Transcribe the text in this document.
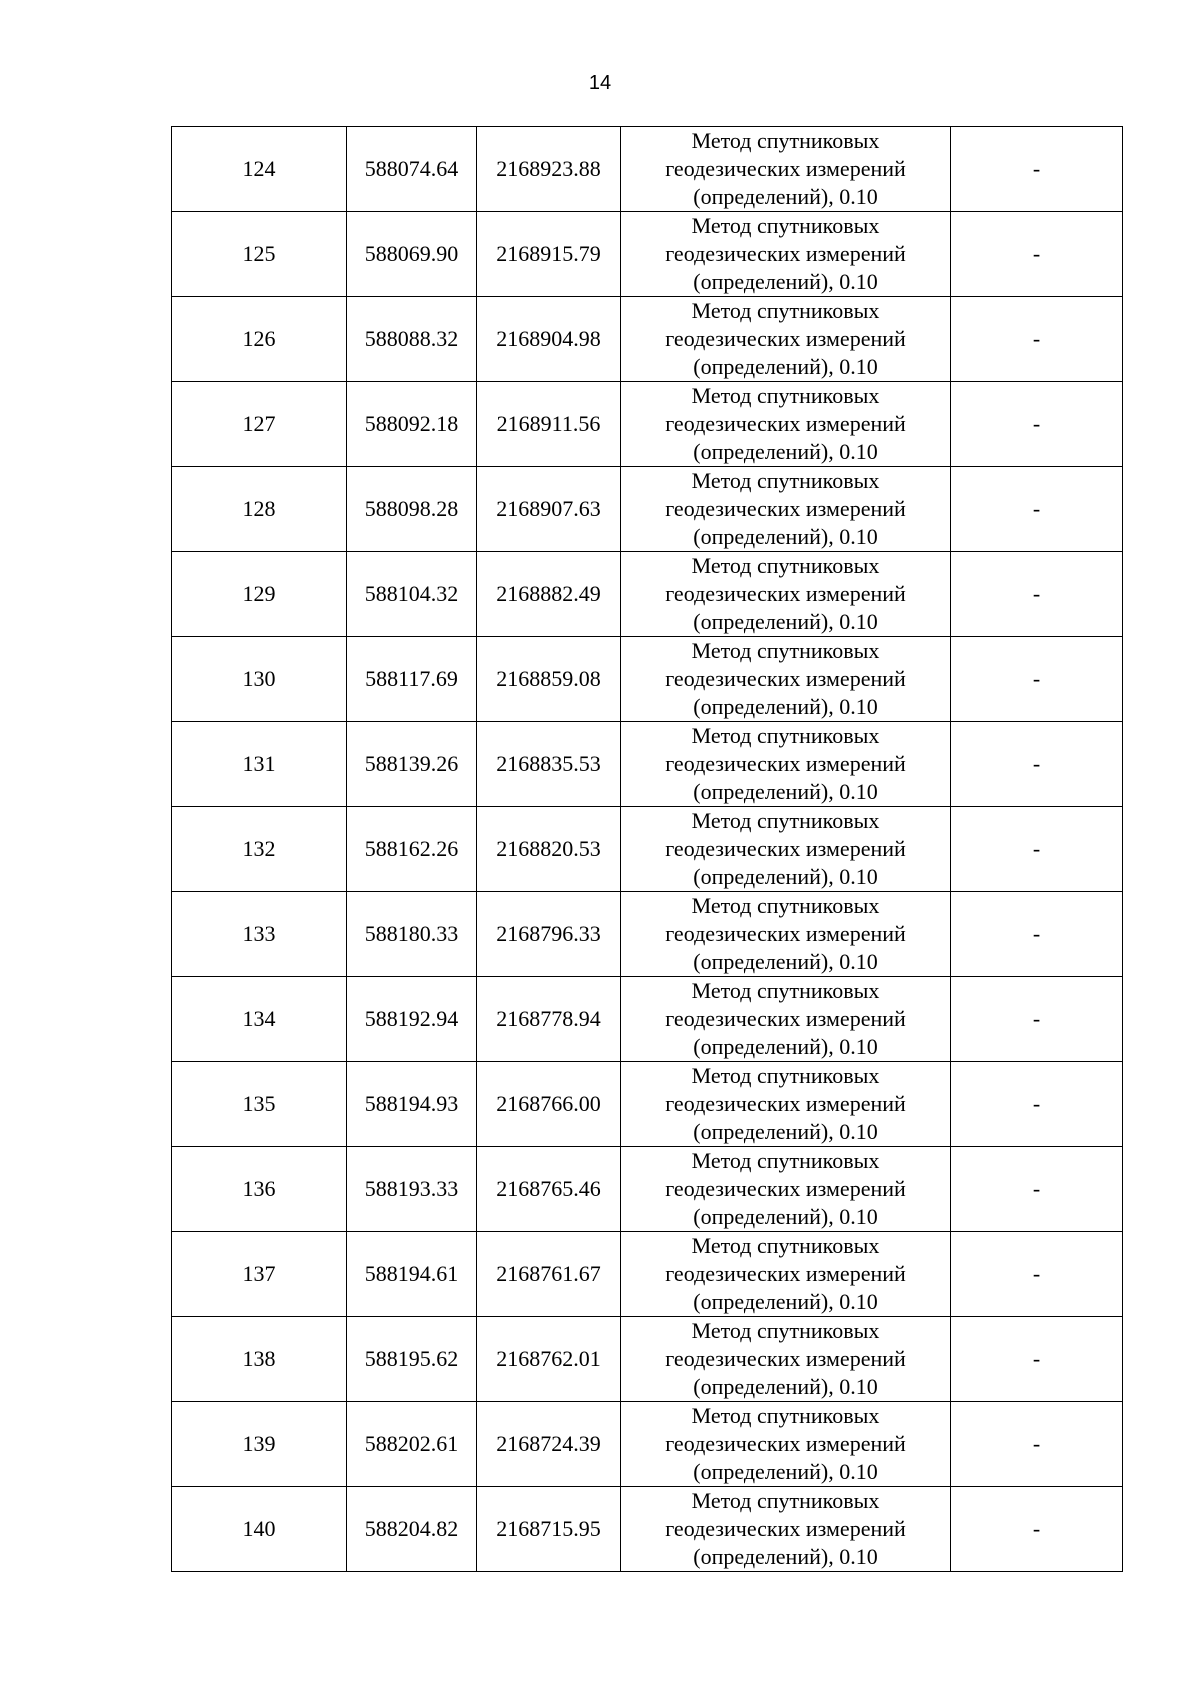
14
124	588074.64	2168923.88	Метод спутниковых
геодезических измерений
(определений), 0.10	-
125	588069.90	2168915.79	Метод спутниковых
геодезических измерений
(определений), 0.10	-
126	588088.32	2168904.98	Метод спутниковых
геодезических измерений
(определений), 0.10	-
127	588092.18	2168911.56	Метод спутниковых
геодезических измерений
(определений), 0.10	-
128	588098.28	2168907.63	Метод спутниковых
геодезических измерений
(определений), 0.10	-
129	588104.32	2168882.49	Метод спутниковых
геодезических измерений
(определений), 0.10	-
130	588117.69	2168859.08	Метод спутниковых
геодезических измерений
(определений), 0.10	-
131	588139.26	2168835.53	Метод спутниковых
геодезических измерений
(определений), 0.10	-
132	588162.26	2168820.53	Метод спутниковых
геодезических измерений
(определений), 0.10	-
133	588180.33	2168796.33	Метод спутниковых
геодезических измерений
(определений), 0.10	-
134	588192.94	2168778.94	Метод спутниковых
геодезических измерений
(определений), 0.10	-
135	588194.93	2168766.00	Метод спутниковых
геодезических измерений
(определений), 0.10	-
136	588193.33	2168765.46	Метод спутниковых
геодезических измерений
(определений), 0.10	-
137	588194.61	2168761.67	Метод спутниковых
геодезических измерений
(определений), 0.10	-
138	588195.62	2168762.01	Метод спутниковых
геодезических измерений
(определений), 0.10	-
139	588202.61	2168724.39	Метод спутниковых
геодезических измерений
(определений), 0.10	-
140	588204.82	2168715.95	Метод спутниковых
геодезических измерений
(определений), 0.10	-
